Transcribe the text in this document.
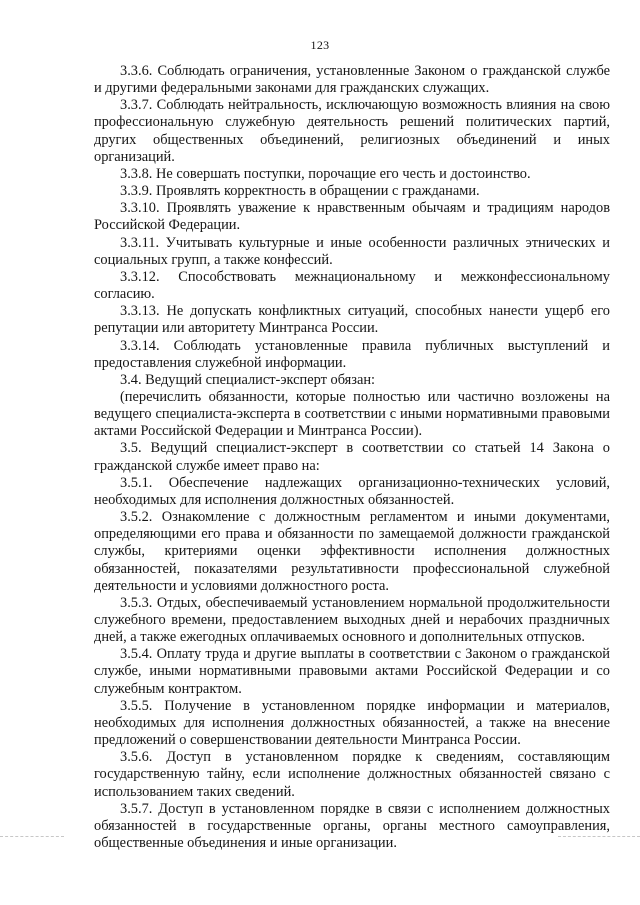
123

3.3.6. Соблюдать ограничения, установленные Законом о гражданской службе и другими федеральными законами для гражданских служащих.

3.3.7. Соблюдать нейтральность, исключающую возможность влияния на свою профессиональную служебную деятельность решений политических партий, других общественных объединений, религиозных объединений и иных организаций.

3.3.8. Не совершать поступки, порочащие его честь и достоинство.

3.3.9. Проявлять корректность в обращении с гражданами.

3.3.10. Проявлять уважение к нравственным обычаям и традициям народов Российской Федерации.

3.3.11. Учитывать культурные и иные особенности различных этнических и социальных групп, а также конфессий.

3.3.12. Способствовать межнациональному и межконфессиональному согласию.

3.3.13. Не допускать конфликтных ситуаций, способных нанести ущерб его репутации или авторитету Минтранса России.

3.3.14. Соблюдать установленные правила публичных выступлений и предоставления служебной информации.

3.4. Ведущий специалист-эксперт обязан:

(перечислить обязанности, которые полностью или частично возложены на ведущего специалиста-эксперта в соответствии с иными нормативными правовыми актами Российской Федерации и Минтранса России).

3.5. Ведущий специалист-эксперт в соответствии со статьей 14 Закона о гражданской службе имеет право на:

3.5.1. Обеспечение надлежащих организационно-технических условий, необходимых для исполнения должностных обязанностей.

3.5.2. Ознакомление с должностным регламентом и иными документами, определяющими его права и обязанности по замещаемой должности гражданской службы, критериями оценки эффективности исполнения должностных обязанностей, показателями результативности профессиональной служебной деятельности и условиями должностного роста.

3.5.3. Отдых, обеспечиваемый установлением нормальной продолжительности служебного времени, предоставлением выходных дней и нерабочих праздничных дней, а также ежегодных оплачиваемых основного и дополнительных отпусков.

3.5.4. Оплату труда и другие выплаты в соответствии с Законом о гражданской службе, иными нормативными правовыми актами Российской Федерации и со служебным контрактом.

3.5.5. Получение в установленном порядке информации и материалов, необходимых для исполнения должностных обязанностей, а также на внесение предложений о совершенствовании деятельности Минтранса России.

3.5.6. Доступ в установленном порядке к сведениям, составляющим государственную тайну, если исполнение должностных обязанностей связано с использованием таких сведений.

3.5.7. Доступ в установленном порядке в связи с исполнением должностных обязанностей в государственные органы, органы местного самоуправления, общественные объединения и иные организации.
